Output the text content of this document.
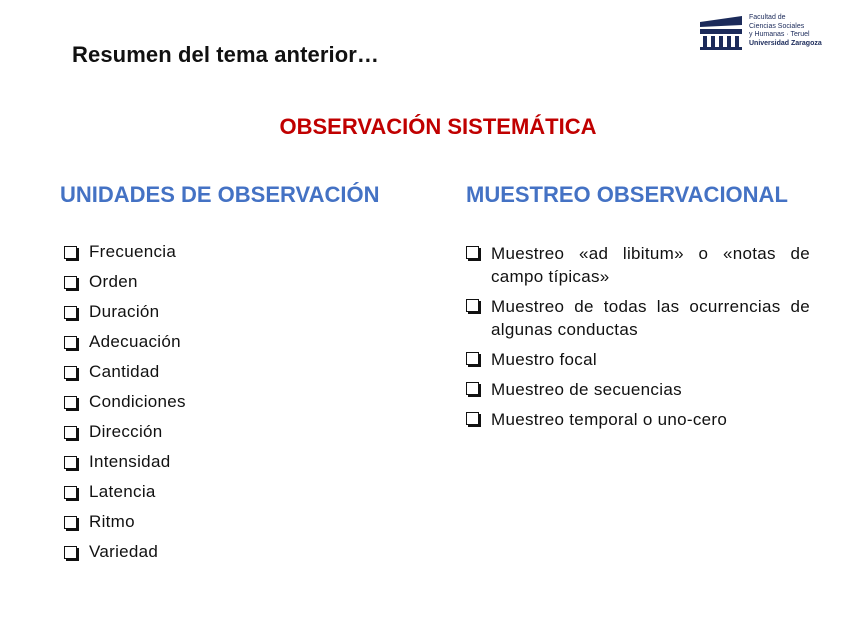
Resumen del tema anterior…
Facultad de
Ciencias Sociales
y Humanas · Teruel
Universidad Zaragoza
OBSERVACIÓN SISTEMÁTICA
UNIDADES DE OBSERVACIÓN	MUESTREO OBSERVACIONAL
Frecuencia
Orden
Duración
Adecuación
Cantidad
Condiciones
Dirección
Intensidad
Latencia
Ritmo
Variedad
Muestreo «ad libitum» o «notas de campo típicas»
Muestreo de todas las ocurrencias de algunas conductas
Muestro focal
Muestreo de secuencias
Muestreo temporal o uno-cero
